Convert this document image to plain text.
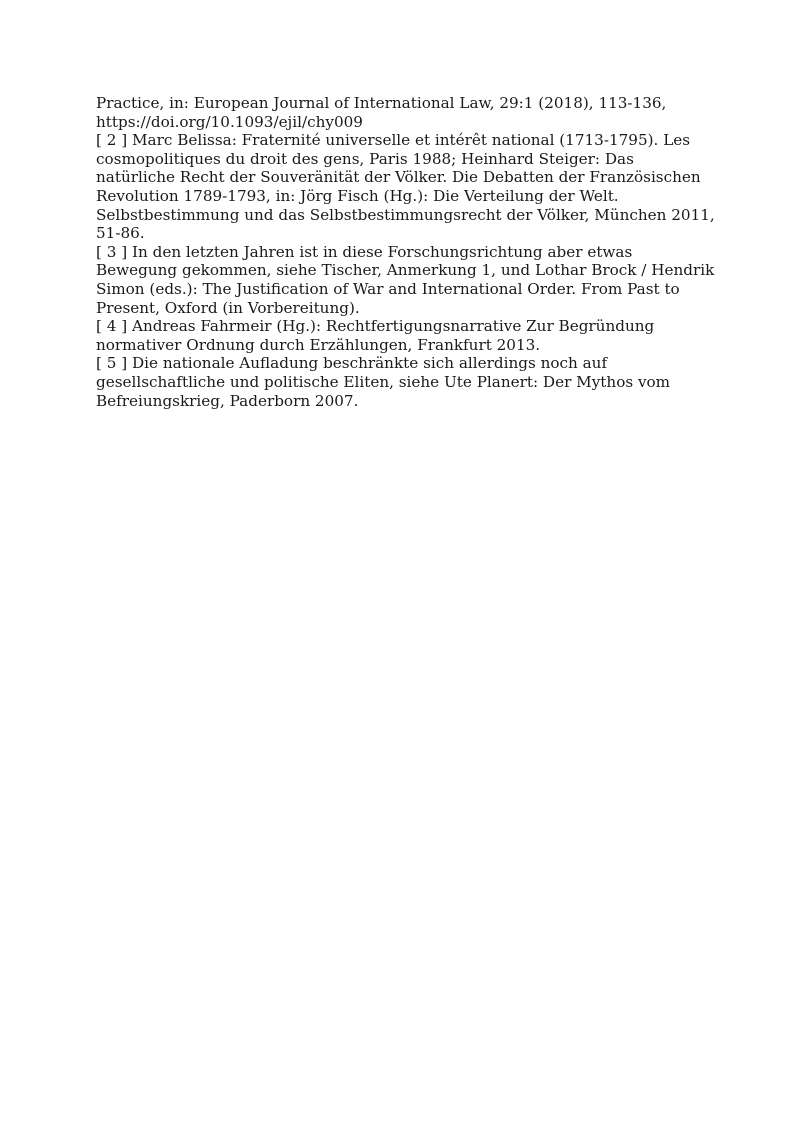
Practice, in: European Journal of International Law, 29:1 (2018), 113-136,
https://doi.org/10.1093/ejil/chy009

[ 2 ] Marc Belissa: Fraternité universelle et intérêt national (1713-1795). Les cosmopolitiques du droit des gens, Paris 1988; Heinhard Steiger: Das natürliche Recht der Souveränität der Völker. Die Debatten der Französischen Revolution 1789-1793, in: Jörg Fisch (Hg.): Die Verteilung der Welt. Selbstbestimmung und das Selbstbestimmungsrecht der Völker, München 2011, 51-86.

[ 3 ] In den letzten Jahren ist in diese Forschungsrichtung aber etwas Bewegung gekommen, siehe Tischer, Anmerkung 1, und Lothar Brock / Hendrik Simon (eds.): The Justification of War and International Order. From Past to Present, Oxford (in Vorbereitung).

[ 4 ] Andreas Fahrmeir (Hg.): Rechtfertigungsnarrative Zur Begründung normativer Ordnung durch Erzählungen, Frankfurt 2013.

[ 5 ] Die nationale Aufladung beschränkte sich allerdings noch auf gesellschaftliche und politische Eliten, siehe Ute Planert: Der Mythos vom Befreiungskrieg, Paderborn 2007.
